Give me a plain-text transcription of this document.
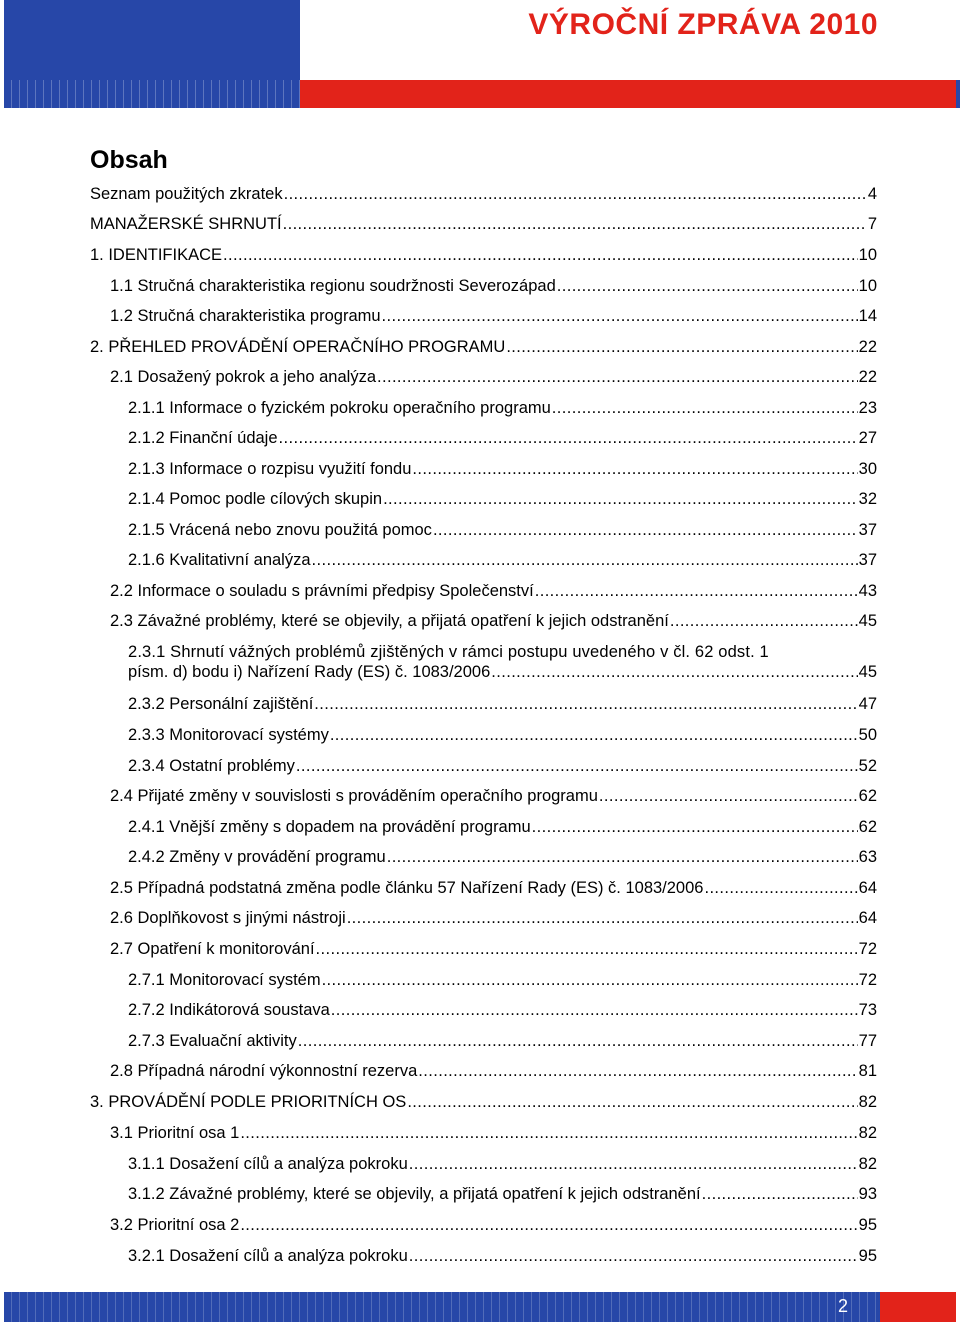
VÝROČNÍ ZPRÁVA 2010
Obsah
Seznam použitých zkratek .....	4
MANAŽERSKÉ SHRNUTÍ .....	7
1. IDENTIFIKACE .....	10
1.1 Stručná charakteristika regionu soudržnosti Severozápad .....	10
1.2 Stručná charakteristika programu .....	14
2. PŘEHLED PROVÁDĚNÍ OPERAČNÍHO PROGRAMU .....	22
2.1 Dosažený pokrok a jeho analýza .....	22
2.1.1 Informace o fyzickém pokroku operačního programu .....	23
2.1.2 Finanční údaje .....	27
2.1.3 Informace o rozpisu využití fondu .....	30
2.1.4 Pomoc podle cílových skupin .....	32
2.1.5 Vrácená nebo znovu použitá pomoc .....	37
2.1.6 Kvalitativní analýza .....	37
2.2 Informace o souladu s právními předpisy Společenství .....	43
2.3 Závažné problémy, které se objevily, a přijatá opatření k jejich odstranění .....	45
2.3.1 Shrnutí vážných problémů zjištěných v rámci postupu uvedeného v čl. 62 odst. 1
písm. d) bodu i) Nařízení Rady (ES) č. 1083/2006 .....	45
2.3.2 Personální zajištění .....	47
2.3.3 Monitorovací systémy .....	50
2.3.4 Ostatní problémy .....	52
2.4 Přijaté změny v souvislosti s prováděním operačního programu .....	62
2.4.1 Vnější změny s dopadem na provádění programu .....	62
2.4.2 Změny v provádění programu .....	63
2.5 Případná podstatná změna podle článku 57 Nařízení Rady (ES) č. 1083/2006 .....	64
2.6 Doplňkovost s jinými nástroji .....	64
2.7 Opatření k monitorování .....	72
2.7.1 Monitorovací systém .....	72
2.7.2 Indikátorová soustava .....	73
2.7.3 Evaluační aktivity .....	77
2.8 Případná národní výkonnostní rezerva .....	81
3. PROVÁDĚNÍ PODLE PRIORITNÍCH OS .....	82
3.1 Prioritní osa 1 .....	82
3.1.1 Dosažení cílů a analýza pokroku .....	82
3.1.2 Závažné problémy, které se objevily, a přijatá opatření k jejich odstranění .....	93
3.2 Prioritní osa 2 .....	95
3.2.1 Dosažení cílů a analýza pokroku .....	95
2
